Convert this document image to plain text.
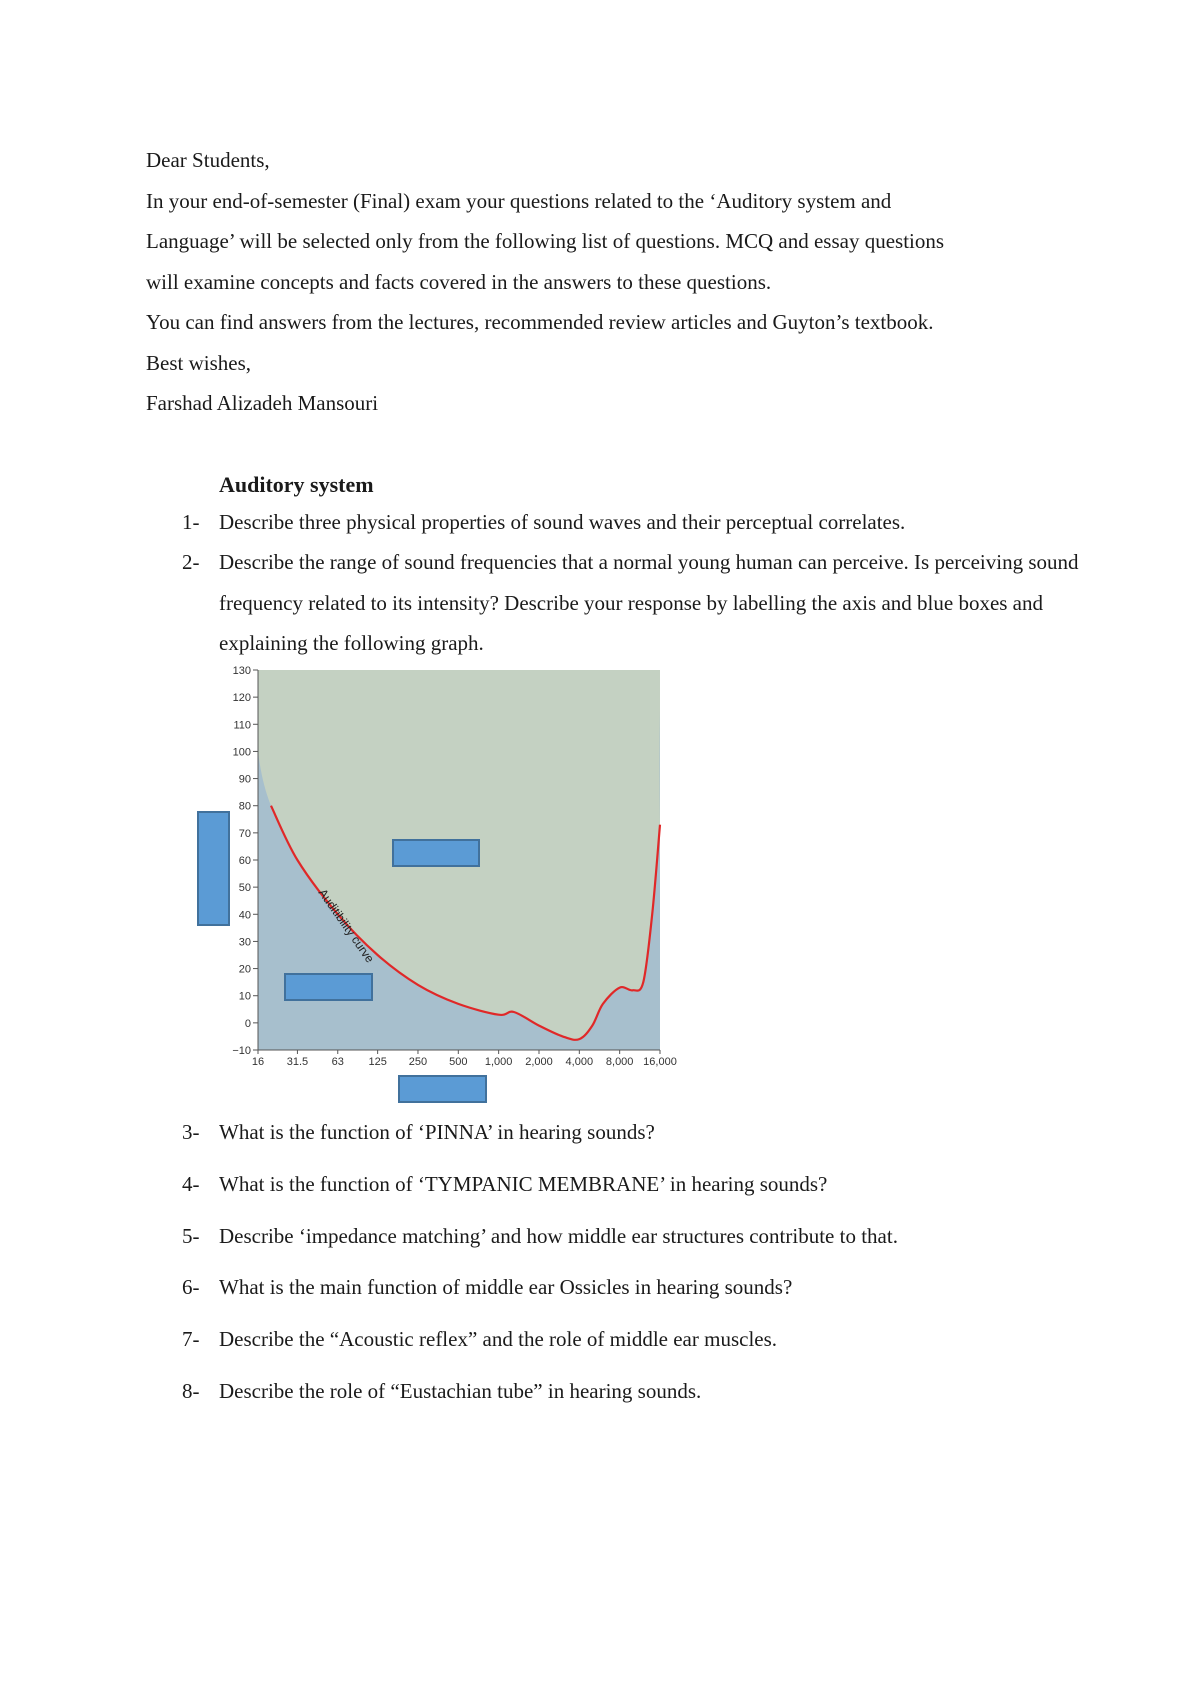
Dear Students,

In your end-of-semester (Final) exam your questions related to the ‘Auditory system and

Language’ will be selected only from the following list of questions. MCQ and essay questions

will examine concepts and facts covered in the answers to these questions.

You can find answers from the lectures, recommended review articles and Guyton’s textbook.

Best wishes,

Farshad Alizadeh Mansouri

Auditory system
1- Describe three physical properties of sound waves and their perceptual correlates.
2- Describe the range of sound frequencies that a normal young human can perceive. Is perceiving sound frequency related to its intensity? Describe your response by labelling the axis and blue boxes and explaining the following graph.
−10
0
10
20
30
40
50
60
70
80
90
100
110
120
130
16 31.5 63 125 250 500 1,000 2,000 4,000 8,000 16,000
Auditibility curve
3- What is the function of ‘PINNA’ in hearing sounds?
4- What is the function of ‘TYMPANIC MEMBRANE’ in hearing sounds?
5- Describe ‘impedance matching’ and how middle ear structures contribute to that.
6- What is the main function of middle ear Ossicles in hearing sounds?
7- Describe the “Acoustic reflex” and the role of middle ear muscles.
8- Describe the role of “Eustachian tube” in hearing sounds.
